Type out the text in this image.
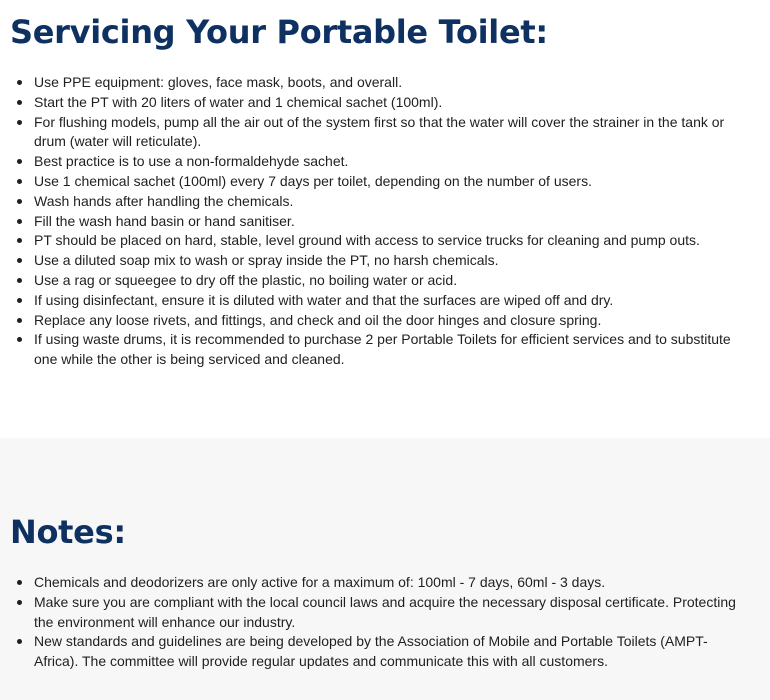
Servicing Your Portable Toilet:
Use PPE equipment: gloves, face mask, boots, and overall.
Start the PT with 20 liters of water and 1 chemical sachet (100ml).
For flushing models, pump all the air out of the system first so that the water will cover the strainer in the tank or drum (water will reticulate).
Best practice is to use a non-formaldehyde sachet.
Use 1 chemical sachet (100ml) every 7 days per toilet, depending on the number of users.
Wash hands after handling the chemicals.
Fill the wash hand basin or hand sanitiser.
PT should be placed on hard, stable, level ground with access to service trucks for cleaning and pump outs.
Use a diluted soap mix to wash or spray inside the PT, no harsh chemicals.
Use a rag or squeegee to dry off the plastic, no boiling water or acid.
If using disinfectant, ensure it is diluted with water and that the surfaces are wiped off and dry.
Replace any loose rivets, and fittings, and check and oil the door hinges and closure spring.
If using waste drums, it is recommended to purchase 2 per Portable Toilets for efficient services and to substitute one while the other is being serviced and cleaned.
Notes:
Chemicals and deodorizers are only active for a maximum of: 100ml - 7 days, 60ml - 3 days.
Make sure you are compliant with the local council laws and acquire the necessary disposal certificate. Protecting the environment will enhance our industry.
New standards and guidelines are being developed by the Association of Mobile and Portable Toilets (AMPT-Africa). The committee will provide regular updates and communicate this with all customers.
